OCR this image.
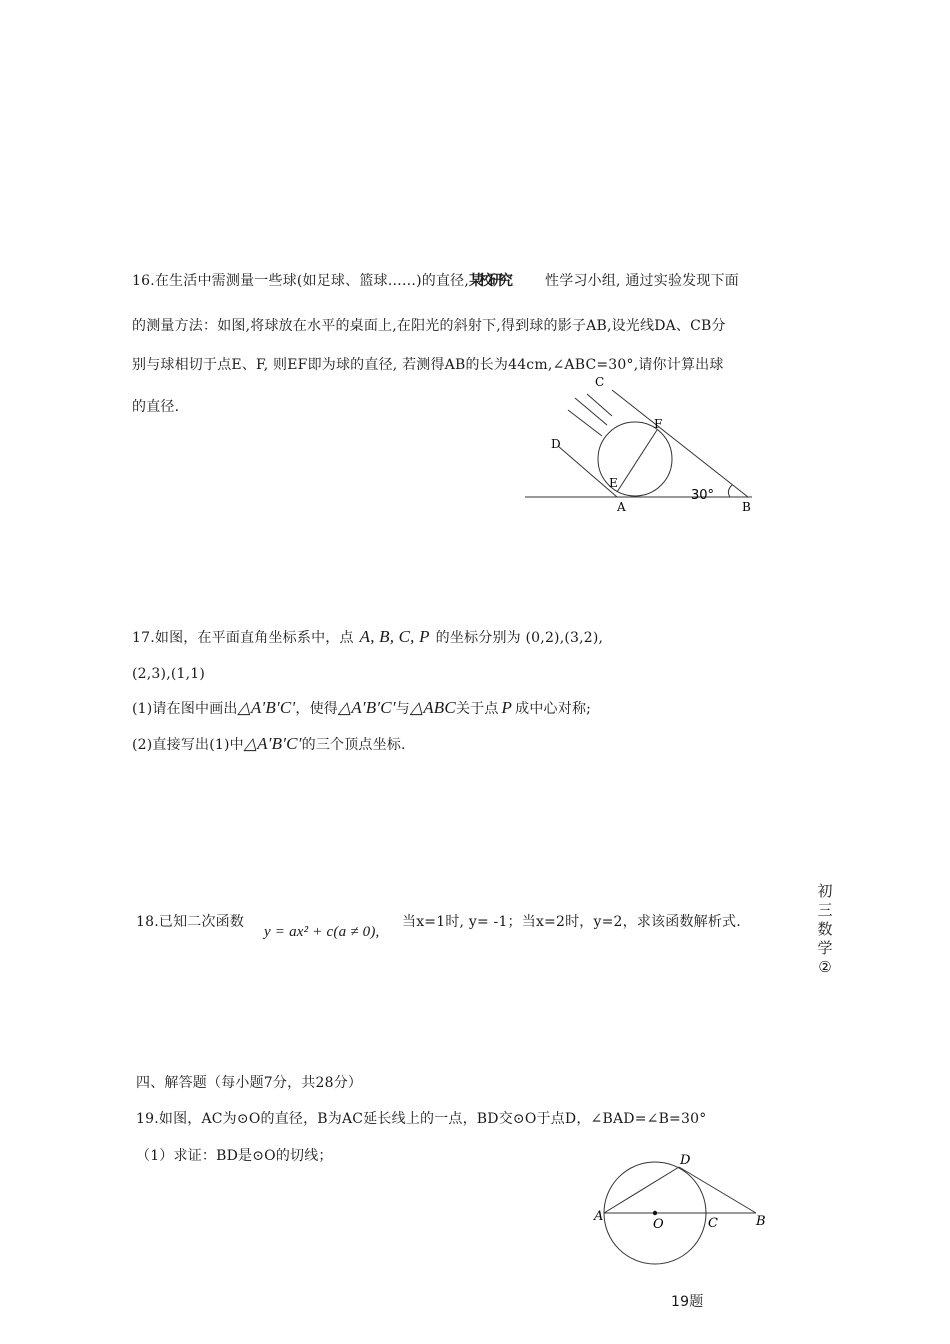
16.在生活中需测量一些球(如足球、篮球……)的直径,某校研究	性学习小组, 通过实验发现下面
的测量方法：如图,将球放在水平的桌面上,在阳光的斜射下,得到球的影子AB,设光线DA、CB分
别与球相切于点E、F, 则EF即为球的直径, 若测得AB的长为44cm,∠ABC=30°,请你计算出球
的直径.
C
D
F
E
A	B
30°
17.如图，在平面直角坐标系中，点 A, B, C, P 的坐标分别为 (0,2),(3,2),
(2,3),(1,1)
(1)请在图中画出△A′B′C′，使得△A′B′C′与△ABC关于点 P 成中心对称;
(2)直接写出(1)中△A′B′C′的三个顶点坐标.
18.已知二次函数
y = ax² + c(a ≠ 0),
当x=1时, y= -1；当x=2时，y=2，求该函数解析式.
初
三
数
学
②
四、解答题（每小题7分，共28分）
19.如图，AC为⊙O的直径，B为AC延长线上的一点，BD交⊙O于点D，∠BAD=∠B=30°
（1）求证：BD是⊙O的切线；	D
A
O	C	B
19题
